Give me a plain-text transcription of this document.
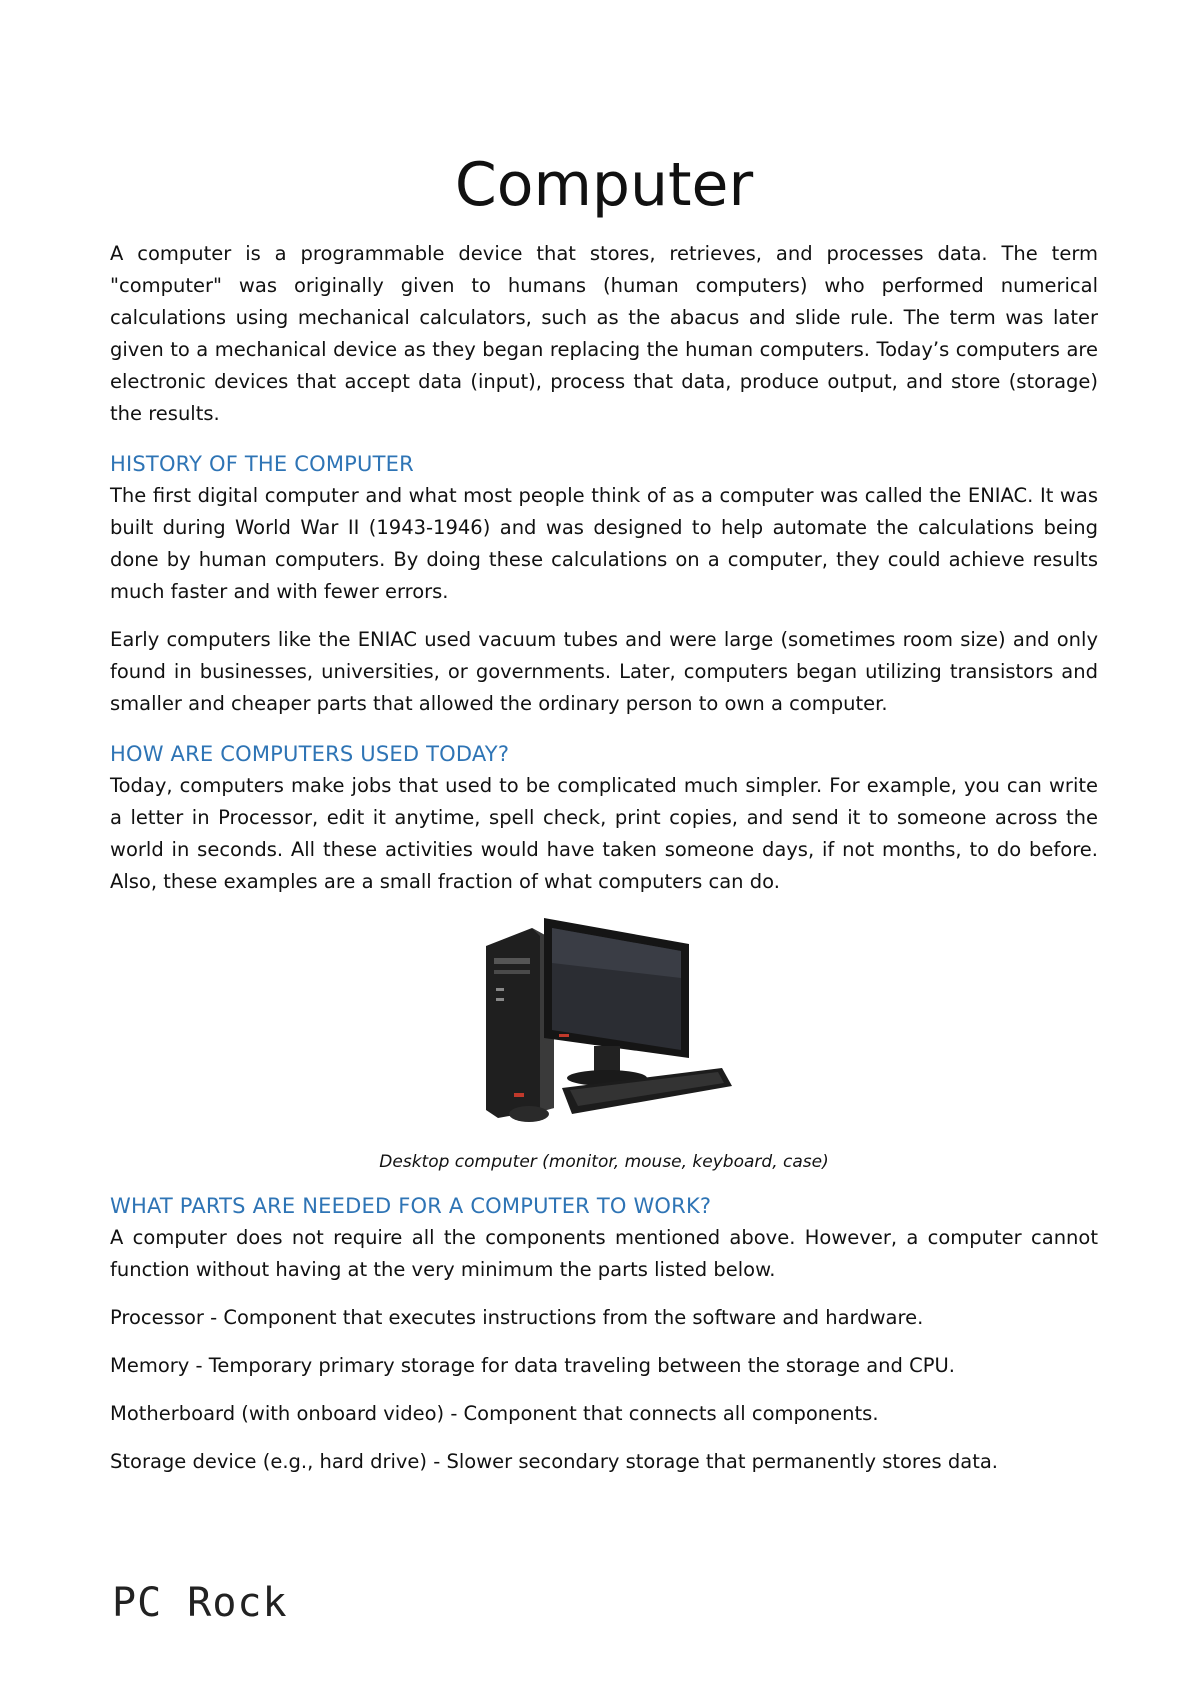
Computer

A computer is a programmable device that stores, retrieves, and processes data. The term "computer" was originally given to humans (human computers) who performed numerical calculations using mechanical calculators, such as the abacus and slide rule. The term was later given to a mechanical device as they began replacing the human computers. Today’s computers are electronic devices that accept data (input), process that data, produce output, and store (storage) the results.

HISTORY OF THE COMPUTER

The first digital computer and what most people think of as a computer was called the ENIAC. It was built during World War II (1943-1946) and was designed to help automate the calculations being done by human computers. By doing these calculations on a computer, they could achieve results much faster and with fewer errors.

Early computers like the ENIAC used vacuum tubes and were large (sometimes room size) and only found in businesses, universities, or governments. Later, computers began utilizing transistors and smaller and cheaper parts that allowed the ordinary person to own a computer.

HOW ARE COMPUTERS USED TODAY?

Today, computers make jobs that used to be complicated much simpler. For example, you can write a letter in Processor, edit it anytime, spell check, print copies, and send it to someone across the world in seconds. All these activities would have taken someone days, if not months, to do before. Also, these examples are a small fraction of what computers can do.

Desktop computer (monitor, mouse, keyboard, case)
WHAT PARTS ARE NEEDED FOR A COMPUTER TO WORK?

A computer does not require all the components mentioned above. However, a computer cannot function without having at the very minimum the parts listed below.

Processor - Component that executes instructions from the software and hardware.

Memory - Temporary primary storage for data traveling between the storage and CPU.

Motherboard (with onboard video) - Component that connects all components.

Storage device (e.g., hard drive) - Slower secondary storage that permanently stores data.

PC Rock
